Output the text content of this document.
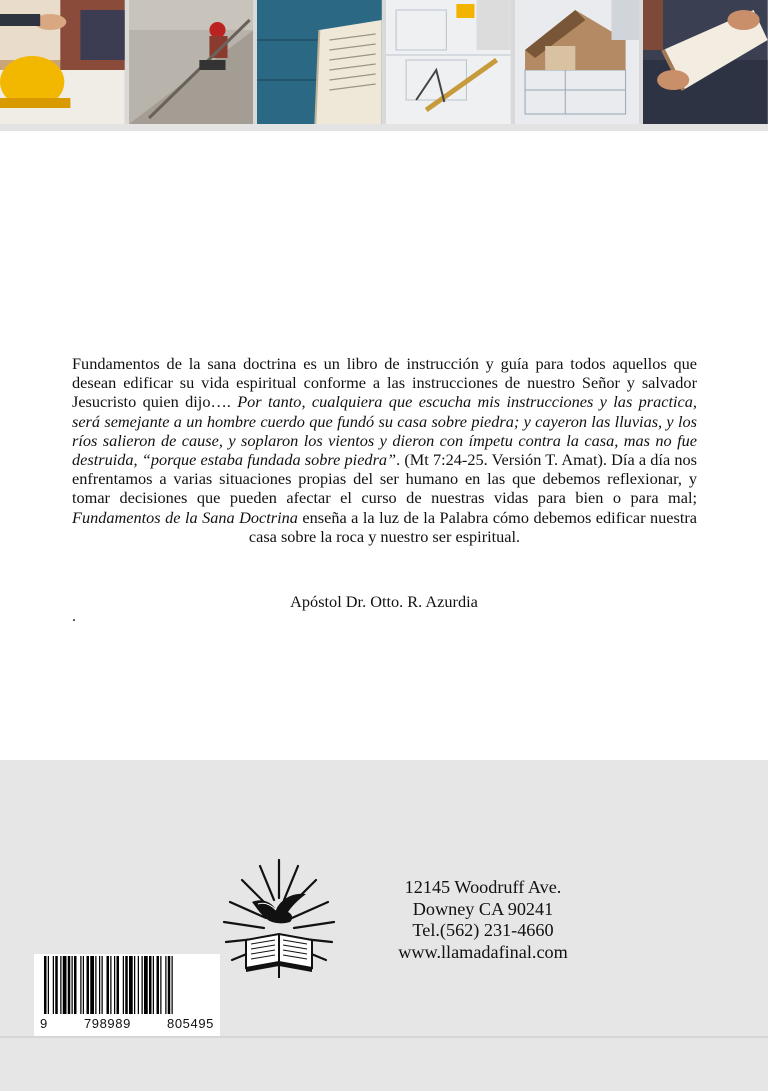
Fundamentos de la sana doctrina es un libro de instrucción y guía para todos aquellos que desean edificar su vida espiritual conforme a las instrucciones de nuestro Señor y salvador Jesucristo quien dijo…. Por tanto, cualquiera que escucha mis instrucciones y las practica, será semejante a un hombre cuerdo que fundó su casa sobre piedra; y cayeron las lluvias, y los ríos salieron de cause, y soplaron los vientos y dieron con ímpetu contra la casa, mas no fue destruida, “porque estaba fundada sobre piedra”. (Mt 7:24-25. Versión T. Amat). Día a día nos enfrentamos a varias situaciones propias del ser humano en las que debemos reflexionar, y tomar decisiones que pueden afectar el curso de nuestras vidas para bien o para mal; Fundamentos de la Sana Doctrina enseña a la luz de la Palabra cómo debemos edificar nuestra casa sobre la roca y nuestro ser espiritual.
Apóstol Dr. Otto. R. Azurdia
.
12145 Woodruff Ave.
Downey CA 90241
Tel.(562) 231-4660
www.llamadafinal.com
9	798989	805495
